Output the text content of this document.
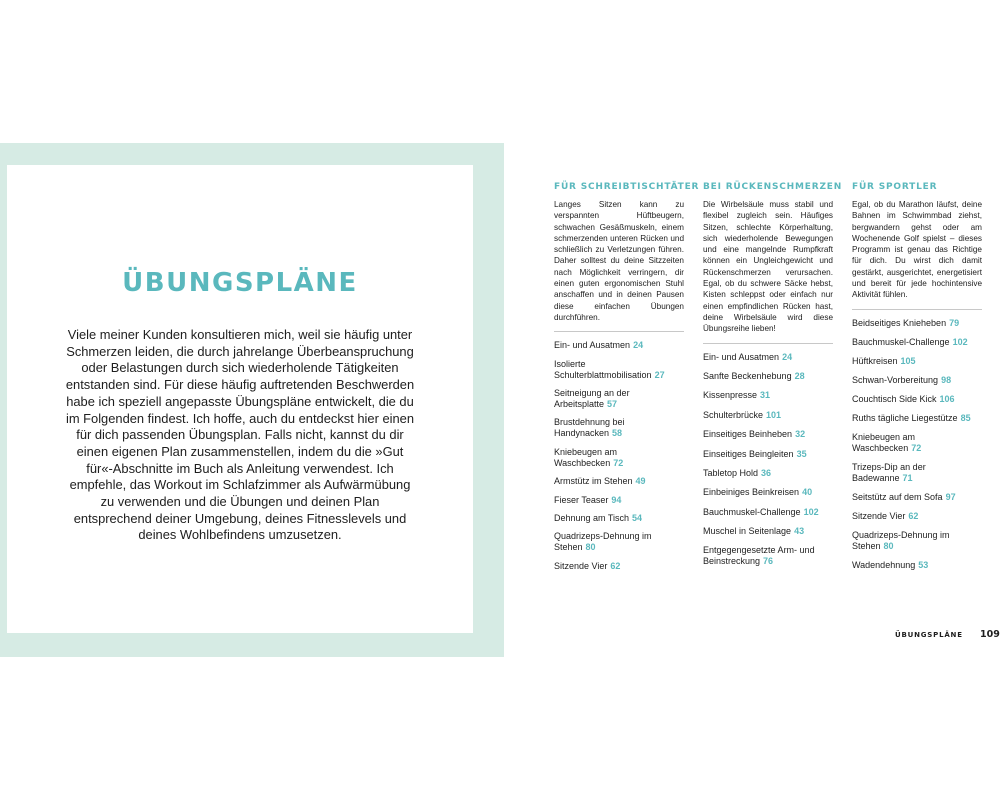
ÜBUNGSPLÄNE

Viele meiner Kunden konsultieren mich, weil sie häufig unter Schmerzen leiden, die durch jahrelange Überbeanspruchung oder Belastungen durch sich wiederholende Tätigkeiten entstanden sind. Für diese häufig auftretenden Beschwerden habe ich speziell angepasste Übungspläne entwickelt, die du im Folgenden findest. Ich hoffe, auch du entdeckst hier einen für dich passenden Übungsplan. Falls nicht, kannst du dir einen eigenen Plan zusammenstellen, indem du die »Gut für«-Abschnitte im Buch als Anleitung verwendest. Ich empfehle, das Workout im Schlafzimmer als Aufwärmübung zu verwenden und die Übungen und deinen Plan entsprechend deiner Umgebung, deines Fitnesslevels und deines Wohlbefindens umzusetzen.

FÜR SCHREIBTISCHTÄTER

Langes Sitzen kann zu verspannten Hüftbeugern, schwachen Gesäßmuskeln, einem schmerzenden unteren Rücken und schließlich zu Verletzungen führen. Daher solltest du deine Sitzzeiten nach Möglichkeit verringern, dir einen guten ergonomischen Stuhl anschaffen und in deinen Pausen diese einfachen Übungen durchführen.

Ein- und Ausatmen 24
Isolierte Schulterblattmobilisation 27
Seitneigung an der Arbeitsplatte 57
Brustdehnung bei Handynacken 58
Kniebeugen am Waschbecken 72
Armstütz im Stehen 49
Fieser Teaser 94
Dehnung am Tisch 54
Quadrizeps-Dehnung im Stehen 80
Sitzende Vier 62
BEI RÜCKENSCHMERZEN

Die Wirbelsäule muss stabil und flexibel zugleich sein. Häufiges Sitzen, schlechte Körperhaltung, sich wiederholende Bewegungen und eine mangelnde Rumpfkraft können ein Ungleichgewicht und Rückenschmerzen verursachen. Egal, ob du schwere Säcke hebst, Kisten schleppst oder einfach nur einen empfindlichen Rücken hast, deine Wirbelsäule wird diese Übungsreihe lieben!

Ein- und Ausatmen 24
Sanfte Beckenhebung 28
Kissenpresse 31
Schulterbrücke 101
Einseitiges Beinheben 32
Einseitiges Beingleiten 35
Tabletop Hold 36
Einbeiniges Beinkreisen 40
Bauchmuskel-Challenge 102
Muschel in Seitenlage 43
Entgegengesetzte Arm- und Beinstreckung 76
FÜR SPORTLER

Egal, ob du Marathon läufst, deine Bahnen im Schwimmbad ziehst, bergwandern gehst oder am Wochenende Golf spielst – dieses Programm ist genau das Richtige für dich. Du wirst dich damit gestärkt, ausgerichtet, energetisiert und bereit für jede hochintensive Aktivität fühlen.

Beidseitiges Knieheben 79
Bauchmuskel-Challenge 102
Hüftkreisen 105
Schwan-Vorbereitung 98
Couchtisch Side Kick 106
Ruths tägliche Liegestütze 85
Kniebeugen am Waschbecken 72
Trizeps-Dip an der Badewanne 71
Seitstütz auf dem Sofa 97
Sitzende Vier 62
Quadrizeps-Dehnung im Stehen 80
Wadendehnung 53
ÜBUNGSPLÄNE 109
